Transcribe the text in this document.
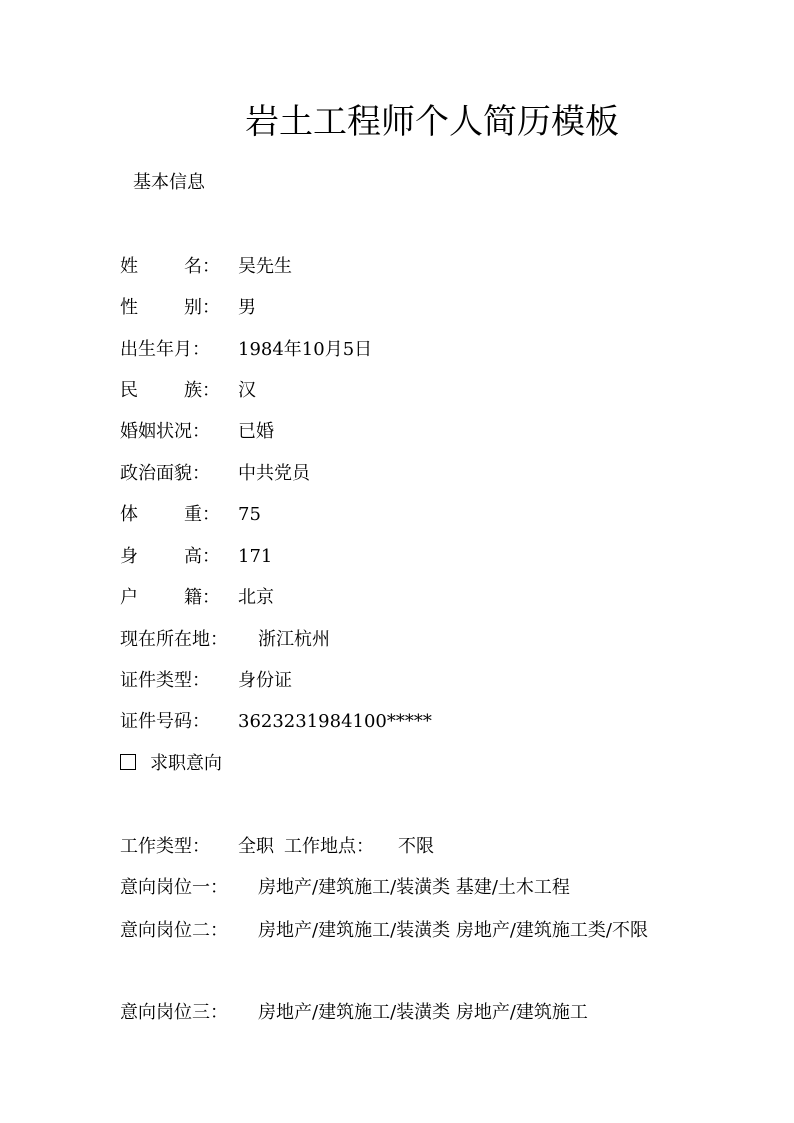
岩土工程师个人简历模板
基本信息
姓	名： 吴先生
性	别： 男
出生年月： 1984年10月5日
民	族： 汉
婚姻状况： 已婚
政治面貌： 中共党员
体	重： 75
身	高： 171
户	籍： 北京
现在所在地： 浙江杭州
证件类型： 身份证
证件号码： 3623231984100*****
求职意向
工作类型： 全职 工作地点： 不限
意向岗位一： 房地产/建筑施工/装潢类 基建/土木工程
意向岗位二： 房地产/建筑施工/装潢类 房地产/建筑施工类/不限
意向岗位三： 房地产/建筑施工/装潢类 房地产/建筑施工
